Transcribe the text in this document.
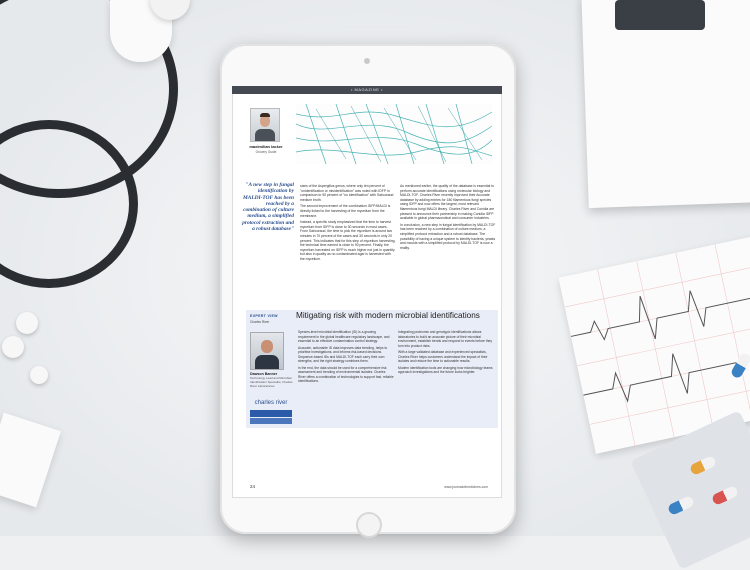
• MAGAZINE •
maximilian lacker
Grocery Guide
"A new step in fungal identification by MALDI-TOF has been reached by a combination of culture medium, a simplified protocol extraction and a robust database"

sizes of the Aspergillus genus, where only ten percent of "unidentification or misidentification" was noted with IDFP in comparison to 90 percent of "no identification" with Sabouraud medium broth.

The second improvement of the combination IDFP/MALDI is directly linked to the harvesting of the mycelium from the membrane.

Instead, a specific study emphasized that the time to harvest mycelium from IDFP is close to 30 seconds in most cases. From Sabouraud, the time to pick the mycelium is around two minutes in 70 percent of the cases and 30 seconds in only 20 percent. This indicates that for this step of mycelium harvesting, the technical time earned is close to 90 percent. Finally, the mycelium harvested on IDFP is much higher not just in quantity but also in quality as no contaminated agar is harvested with the mycelium.

As mentioned earlier, the quality of the database is essential to perform accurate identifications using molecular biology and MALDI-TOF. Charles River recently improved their Accurate database by adding entries for 180 filamentous fungi species using IDFP and now offers the largest, most relevant filamentous fungi MALDI library. Charles River and Conidia are pleased to announce their partnership in making Conidia IDFP available in global pharmaceutical and consumer industries.

In conclusion, a new step in fungal identification by MALDI-TOF has been reached by a combination of culture medium, a simplified protocol extraction and a robust database. The possibility of having a unique system to identify bacteria, yeasts and moulds with a simplified protocol by MALDI-TOF is now a reality.

EXPERT VIEW
Charles River
Mitigating risk with modern microbial identifications
Dawson Banner
Technology Lead and Microbial Identification Specialist, Charles River Laboratories
charles river

Species-level microbial identification (ID) is a growing requirement in the global healthcare regulatory landscape, and essential to an effective contamination control strategy.

Accurate, actionable ID data improves data trending, helps to prioritise investigations, and informs risk-based decisions. Sequence-based IDs and MALDI-TOF each carry their own strengths, and the right strategy combines them.

In the end, the data should be used for a comprehensive risk assessment and trending of environmental isolates. Charles River offers a combination of technologies to support fast, reliable identifications.

Integrating proteomic and genotypic identifications allows laboratories to build an accurate picture of their microbial environment, establish trends and respond to events before they turn into product risks.

With a large validated database and experienced specialists, Charles River helps customers understand the impact of their isolates and reduce the time to actionable results.

Modern identification tools are changing how microbiology teams approach investigations and the future looks brighter.

24	www.journalofmedicines.com
